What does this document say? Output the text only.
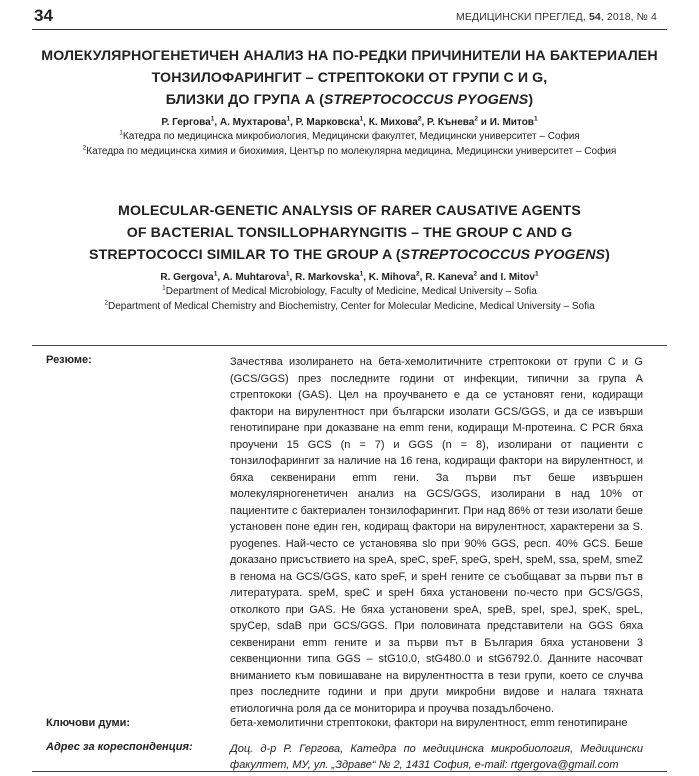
34	МЕДИЦИНСКИ ПРЕГЛЕД, 54, 2018, № 4
МОЛЕКУЛЯРНОГЕНЕТИЧЕН АНАЛИЗ НА ПО-РЕДКИ ПРИЧИНИТЕЛИ НА БАКТЕРИАЛЕН
ТОНЗИЛОФАРИНГИТ – СТРЕПТОКОКИ ОТ ГРУПИ С И G,
БЛИЗКИ ДО ГРУПА А (STREPTOCOCCUS PYOGENS)
Р. Гергова$^1$, А. Мухтарова$^1$, Р. Марковска$^1$, К. Михова$^2$, Р. Кънева$^2$ и И. Митов$^1$
$^1$Катедра по медицинска микробиология, Медицински факултет, Медицински университет – София
$^2$Катедра по медицинска химия и биохимия, Център по молекулярна медицина, Медицински университет – София
MOLECULAR-GENETIC ANALYSIS OF RARER CAUSATIVE AGENTS
OF BACTERIAL TONSILLOPHARYNGITIS – THE GROUP C AND G
STREPTOCOCCI SIMILAR TO THE GROUP A (STREPTOCOCCUS PYOGENS)
R. Gergova$^1$, A. Muhtarova$^1$, R. Markovska$^1$, K. Mihova$^2$, R. Kaneva$^2$ and I. Mitov$^1$
$^1$Department of Medical Microbiology, Faculty of Medicine, Medical University – Sofia
$^2$Department of Medical Chemistry and Biochemistry, Center for Molecular Medicine, Medical University – Sofia
Резюме:	Зачестява изолирането на бета-хемолитичните стрептококи от групи С и G (GCS/GGS) през последните години от инфекции, типични за група А стрептококи (GAS). Цел на проучването е да се установят гени, кодиращи фактори на вирулентност при български изолати GCS/GGS, и да се извърши генотипиране при доказване на emm гени, кодиращи М-протеина. С PCR бяха проучени 15 GCS (n = 7) и GGS (n = 8), изолирани от пациенти с тонзилофарингит за наличие на 16 гена, кодиращи фактори на вирулентност, и бяха секвенирани emm гени. За първи път беше извършен молекулярногенетичен анализ на GCS/GGS, изолирани в над 10% от пациентите с бактериален тонзилофарингит. При над 86% от тези изолати беше установен поне един ген, кодиращ фактори на вирулентност, характерени за S. pyogenes. Най-често се установява slo при 90% GGS, респ. 40% GCS. Беше доказано присъствието на speA, speC, speF, speG, speH, speM, ssa, speM, smeZ в генома на GCS/GGS, като speF, и speH гените се съобщават за първи път в литературата. speM, speC и speH бяха установени по-често при GCS/GGS, отколкото при GAS. Не бяха установени speA, speB, speI, speJ, speK, speL, spyCep, sdaB при GCS/GGS. При половината представители на GGS бяха секвенирани emm гените и за първи път в България бяха установени 3 секвенционни типа GGS – stG10.0, stG480.0 и stG6792.0. Данните насочват вниманието към повишаване на вирулентността в тези групи, което се случва през последните години и при други микробни видове и налага тяхната етиологична роля да се мониторира и проучва позадълбочено.
Ключови думи:	бета-хемолитични стрептококи, фактори на вирулентност, emm генотипиране
Адрес за кореспонденция:	Доц. д-р Р. Гергова, Катедра по медицинска микробиология, Медицински факултет, МУ, ул. „Здраве“ № 2, 1431 София, e-mail: rtgergova@gmail.com
